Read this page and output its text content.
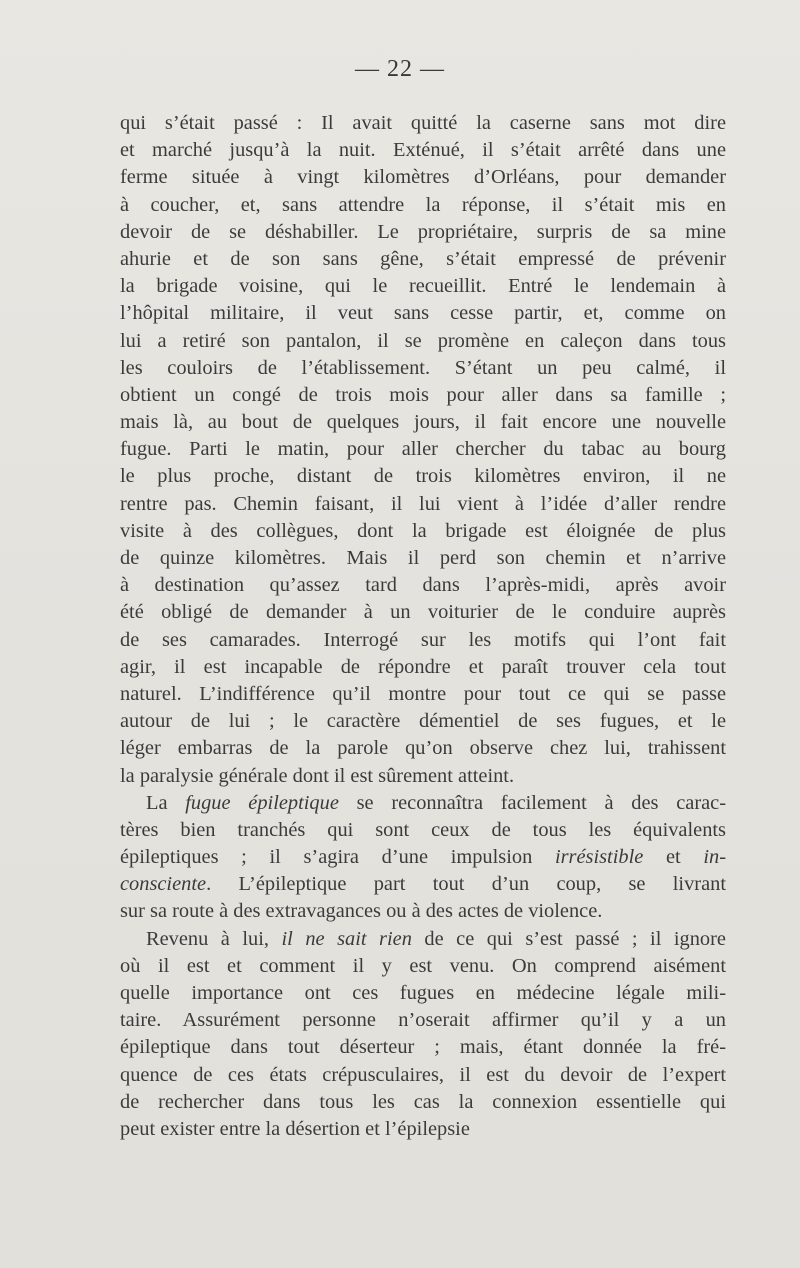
— 22 —
qui s’était passé : Il avait quitté la caserne sans mot dire
et marché jusqu’à la nuit. Exténué, il s’était arrêté dans une
ferme située à vingt kilomètres d’Orléans, pour demander
à coucher, et, sans attendre la réponse, il s’était mis en
devoir de se déshabiller. Le propriétaire, surpris de sa mine
ahurie et de son sans gêne, s’était empressé de prévenir
la brigade voisine, qui le recueillit. Entré le lendemain à
l’hôpital militaire, il veut sans cesse partir, et, comme on
lui a retiré son pantalon, il se promène en caleçon dans tous
les couloirs de l’établissement. S’étant un peu calmé, il
obtient un congé de trois mois pour aller dans sa famille ;
mais là, au bout de quelques jours, il fait encore une nouvelle
fugue. Parti le matin, pour aller chercher du tabac au bourg
le plus proche, distant de trois kilomètres environ, il ne
rentre pas. Chemin faisant, il lui vient à l’idée d’aller rendre
visite à des collègues, dont la brigade est éloignée de plus
de quinze kilomètres. Mais il perd son chemin et n’arrive
à destination qu’assez tard dans l’après-midi, après avoir
été obligé de demander à un voiturier de le conduire auprès
de ses camarades. Interrogé sur les motifs qui l’ont fait
agir, il est incapable de répondre et paraît trouver cela tout
naturel. L’indifférence qu’il montre pour tout ce qui se passe
autour de lui ; le caractère démentiel de ses fugues, et le
léger embarras de la parole qu’on observe chez lui, trahissent
la paralysie générale dont il est sûrement atteint.
La fugue épileptique se reconnaîtra facilement à des carac-
tères bien tranchés qui sont ceux de tous les équivalents
épileptiques ; il s’agira d’une impulsion irrésistible et in-
consciente. L’épileptique part tout d’un coup, se livrant
sur sa route à des extravagances ou à des actes de violence.
Revenu à lui, il ne sait rien de ce qui s’est passé ; il ignore
où il est et comment il y est venu. On comprend aisément
quelle importance ont ces fugues en médecine légale mili-
taire. Assurément personne n’oserait affirmer qu’il y a un
épileptique dans tout déserteur ; mais, étant donnée la fré-
quence de ces états crépusculaires, il est du devoir de l’expert
de rechercher dans tous les cas la connexion essentielle qui
peut exister entre la désertion et l’épilepsie
